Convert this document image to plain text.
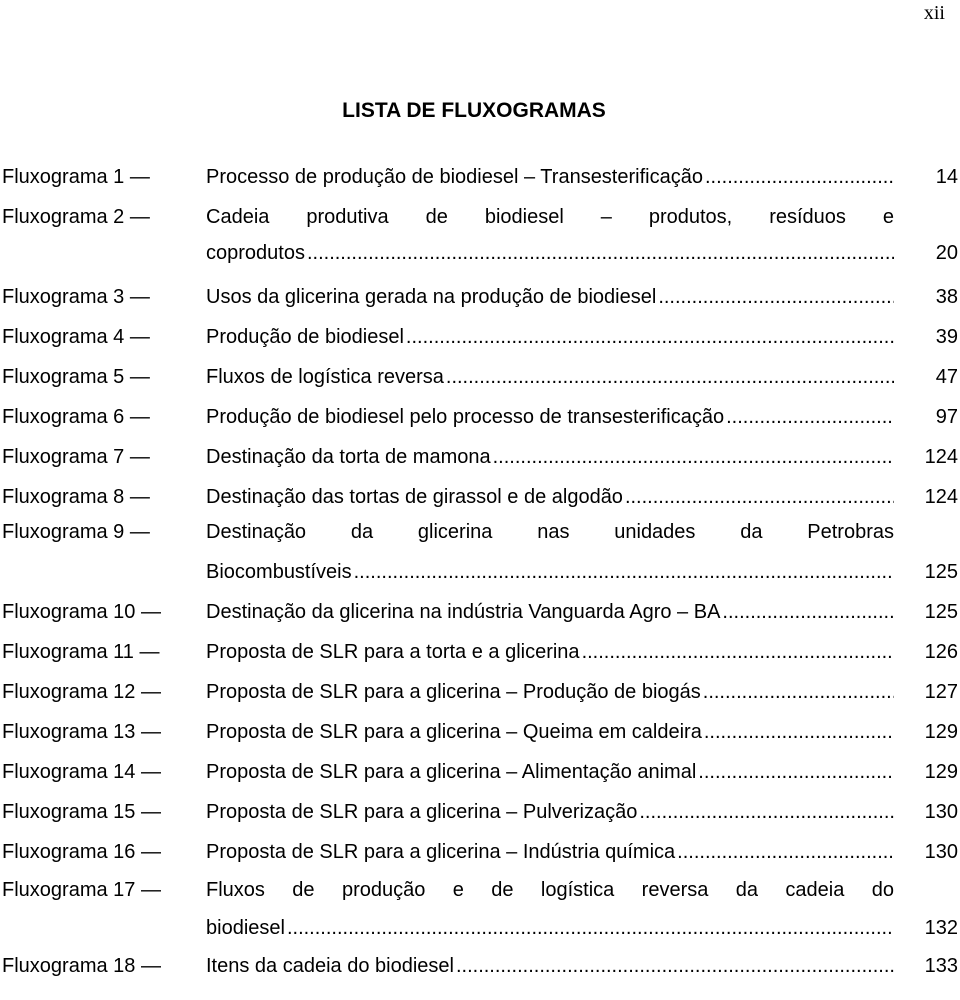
xii
LISTA DE FLUXOGRAMAS
Fluxograma 1 —	Processo de produção de biodiesel – Transesterificação .....	14
Fluxograma 2 —	Cadeia produtiva de biodiesel – produtos, resíduos e
coprodutos .....	20
Fluxograma 3 —	Usos da glicerina gerada na produção de biodiesel .....	38
Fluxograma 4 —	Produção de biodiesel .....	39
Fluxograma 5 —	Fluxos de logística reversa .....	47
Fluxograma 6 —	Produção de biodiesel pelo processo de transesterificação .....	97
Fluxograma 7 —	Destinação da torta de mamona .....	124
Fluxograma 8 —	Destinação das tortas de girassol e de algodão .....	124
Fluxograma 9 —	Destinação da glicerina nas unidades da Petrobras
Biocombustíveis .....	125
Fluxograma 10 —	Destinação da glicerina na indústria Vanguarda Agro – BA .....	125
Fluxograma 11 —	Proposta de SLR para a torta e a glicerina .....	126
Fluxograma 12 —	Proposta de SLR para a glicerina – Produção de biogás .....	127
Fluxograma 13 —	Proposta de SLR para a glicerina – Queima em caldeira .....	129
Fluxograma 14 —	Proposta de SLR para a glicerina – Alimentação animal .....	129
Fluxograma 15 —	Proposta de SLR para a glicerina – Pulverização .....	130
Fluxograma 16 —	Proposta de SLR para a glicerina – Indústria química .....	130
Fluxograma 17 —	Fluxos de produção e de logística reversa da cadeia do
biodiesel .....	132
Fluxograma 18 —	Itens da cadeia do biodiesel .....	133
